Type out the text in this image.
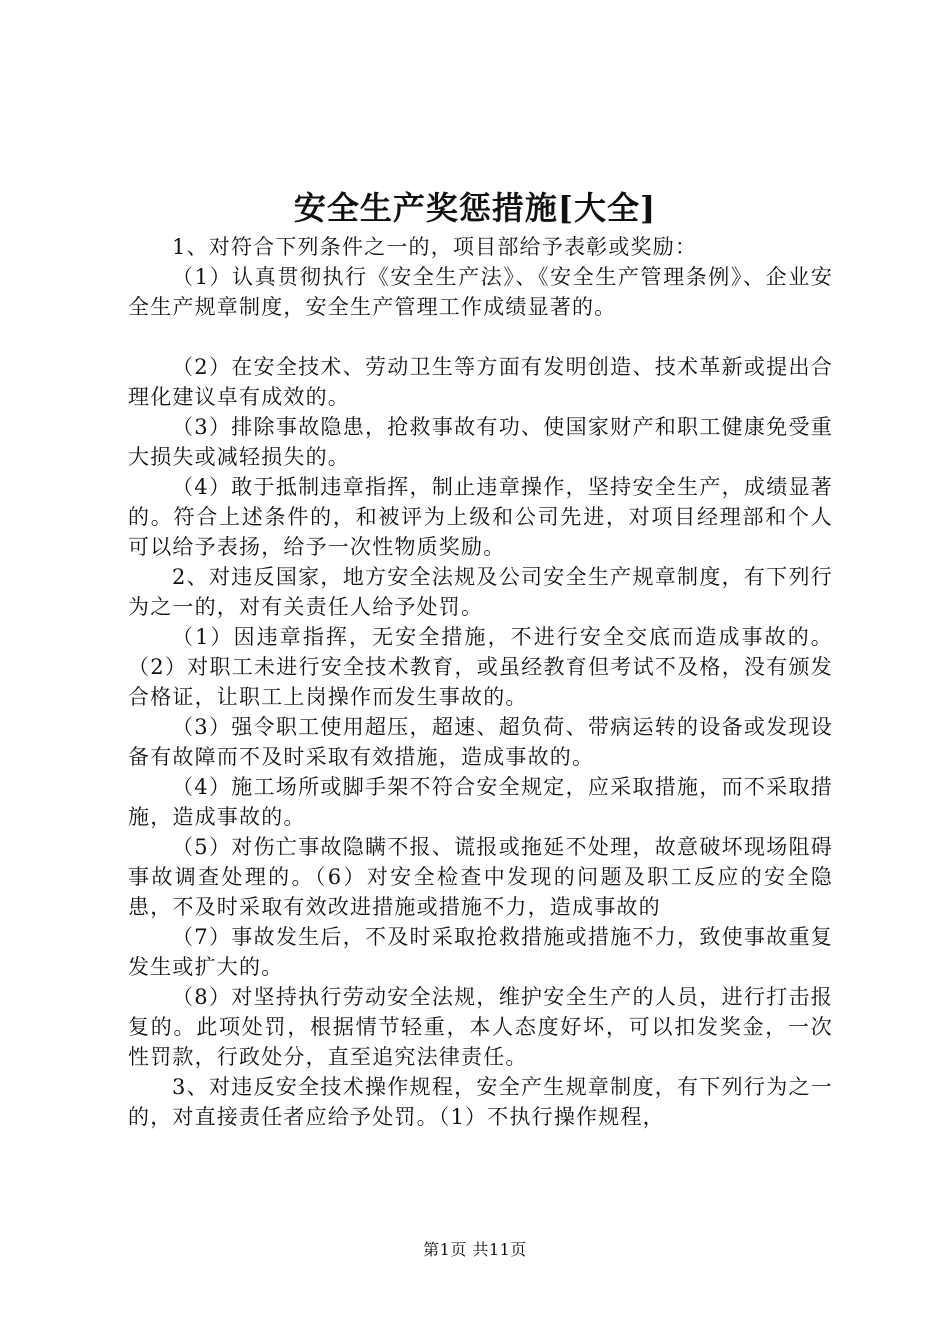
安全生产奖惩措施[大全]

1、对符合下列条件之一的，项目部给予表彰或奖励：

（1）认真贯彻执行《安全生产法》、《安全生产管理条例》、企业安全生产规章制度，安全生产管理工作成绩显著的。

（2）在安全技术、劳动卫生等方面有发明创造、技术革新或提出合理化建议卓有成效的。

（3）排除事故隐患，抢救事故有功、使国家财产和职工健康免受重大损失或减轻损失的。

（4）敢于抵制违章指挥，制止违章操作，坚持安全生产，成绩显著的。符合上述条件的，和被评为上级和公司先进，对项目经理部和个人可以给予表扬，给予一次性物质奖励。

2、对违反国家，地方安全法规及公司安全生产规章制度，有下列行为之一的，对有关责任人给予处罚。

（1）因违章指挥，无安全措施，不进行安全交底而造成事故的。（2）对职工未进行安全技术教育，或虽经教育但考试不及格，没有颁发合格证，让职工上岗操作而发生事故的。

（3）强令职工使用超压，超速、超负荷、带病运转的设备或发现设备有故障而不及时采取有效措施，造成事故的。

（4）施工场所或脚手架不符合安全规定，应采取措施，而不采取措施，造成事故的。

（5）对伤亡事故隐瞒不报、谎报或拖延不处理，故意破坏现场阻碍事故调查处理的。（6）对安全检查中发现的问题及职工反应的安全隐患，不及时采取有效改进措施或措施不力，造成事故的

（7）事故发生后，不及时采取抢救措施或措施不力，致使事故重复发生或扩大的。

（8）对坚持执行劳动安全法规，维护安全生产的人员，进行打击报复的。此项处罚，根据情节轻重，本人态度好坏，可以扣发奖金，一次性罚款，行政处分，直至追究法律责任。

3、对违反安全技术操作规程，安全产生规章制度，有下列行为之一的，对直接责任者应给予处罚。（1）不执行操作规程，

第1页 共11页
